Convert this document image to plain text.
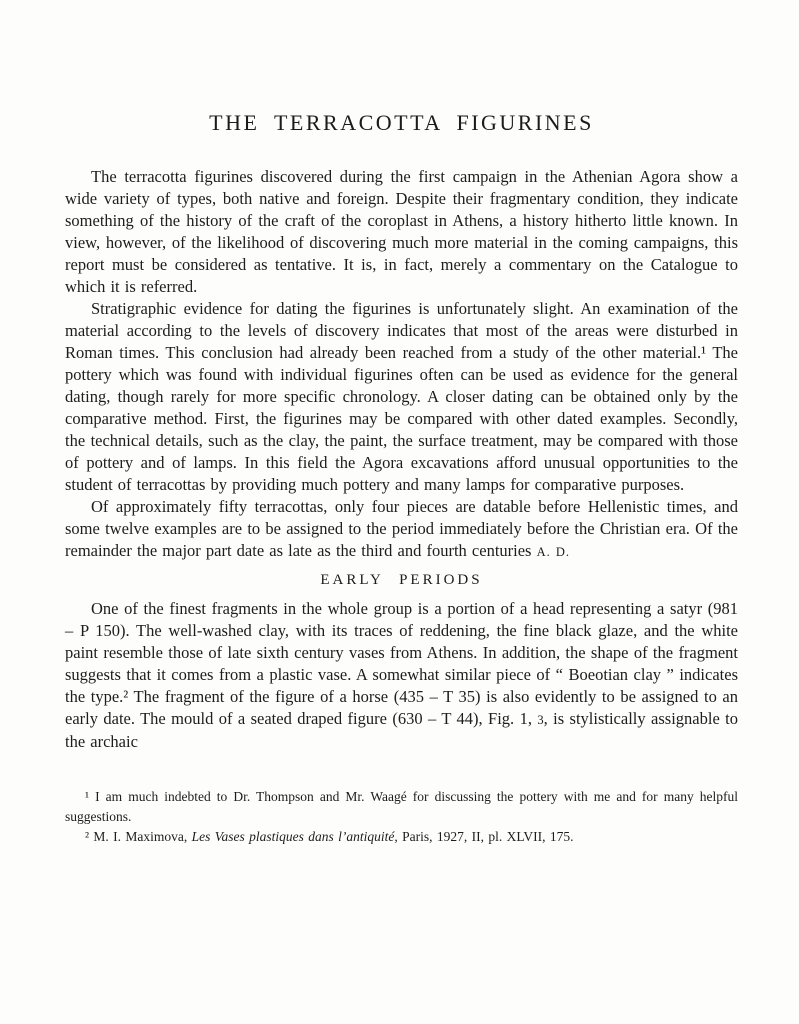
THE TERRACOTTA FIGURINES

The terracotta figurines discovered during the first campaign in the Athenian Agora show a wide variety of types, both native and foreign. Despite their fragmentary condition, they indicate something of the history of the craft of the coroplast in Athens, a history hitherto little known. In view, however, of the likelihood of discovering much more material in the coming campaigns, this report must be considered as tentative. It is, in fact, merely a commentary on the Catalogue to which it is referred.

Stratigraphic evidence for dating the figurines is unfortunately slight. An examination of the material according to the levels of discovery indicates that most of the areas were disturbed in Roman times. This conclusion had already been reached from a study of the other material.¹ The pottery which was found with individual figurines often can be used as evidence for the general dating, though rarely for more specific chronology. A closer dating can be obtained only by the comparative method. First, the figurines may be compared with other dated examples. Secondly, the technical details, such as the clay, the paint, the surface treatment, may be compared with those of pottery and of lamps. In this field the Agora excavations afford unusual opportunities to the student of terracottas by providing much pottery and many lamps for comparative purposes.

Of approximately fifty terracottas, only four pieces are datable before Hellenistic times, and some twelve examples are to be assigned to the period immediately before the Christian era. Of the remainder the major part date as late as the third and fourth centuries A. D.

EARLY PERIODS

One of the finest fragments in the whole group is a portion of a head representing a satyr (981 – P 150). The well-washed clay, with its traces of reddening, the fine black glaze, and the white paint resemble those of late sixth century vases from Athens. In addition, the shape of the fragment suggests that it comes from a plastic vase. A somewhat similar piece of “ Boeotian clay ” indicates the type.² The fragment of the figure of a horse (435 – T 35) is also evidently to be assigned to an early date. The mould of a seated draped figure (630 – T 44), Fig. 1, 3, is stylistically assignable to the archaic

¹ I am much indebted to Dr. Thompson and Mr. Waagé for discussing the pottery with me and for many helpful suggestions.

² M. I. Maximova, Les Vases plastiques dans l’antiquité, Paris, 1927, II, pl. XLVII, 175.
